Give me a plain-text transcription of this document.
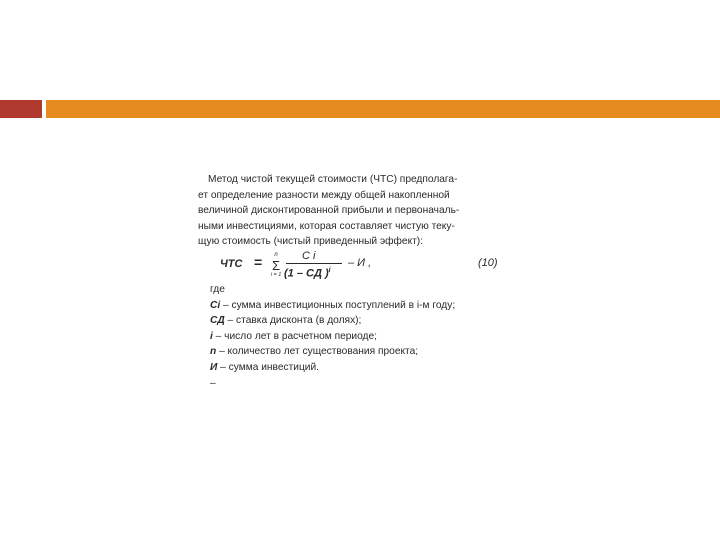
Метод чистой текущей стоимости (ЧТС) предполага-
ет определение разности между общей накопленной
величиной дисконтированной прибыли и первоначаль-
ными инвестициями, которая составляет чистую теку-
щую стоимость (чистый приведенный эффект):
ЧТС =	n
Σ
i = 1
C i
(1 – СД )$^i$
– И ,	(10)
где
Ci – сумма инвестиционных поступлений в i-м году;
СД – ставка дисконта (в долях);
i – число лет в расчетном периоде;
n – количество лет существования проекта;
И – сумма инвестиций.
–
